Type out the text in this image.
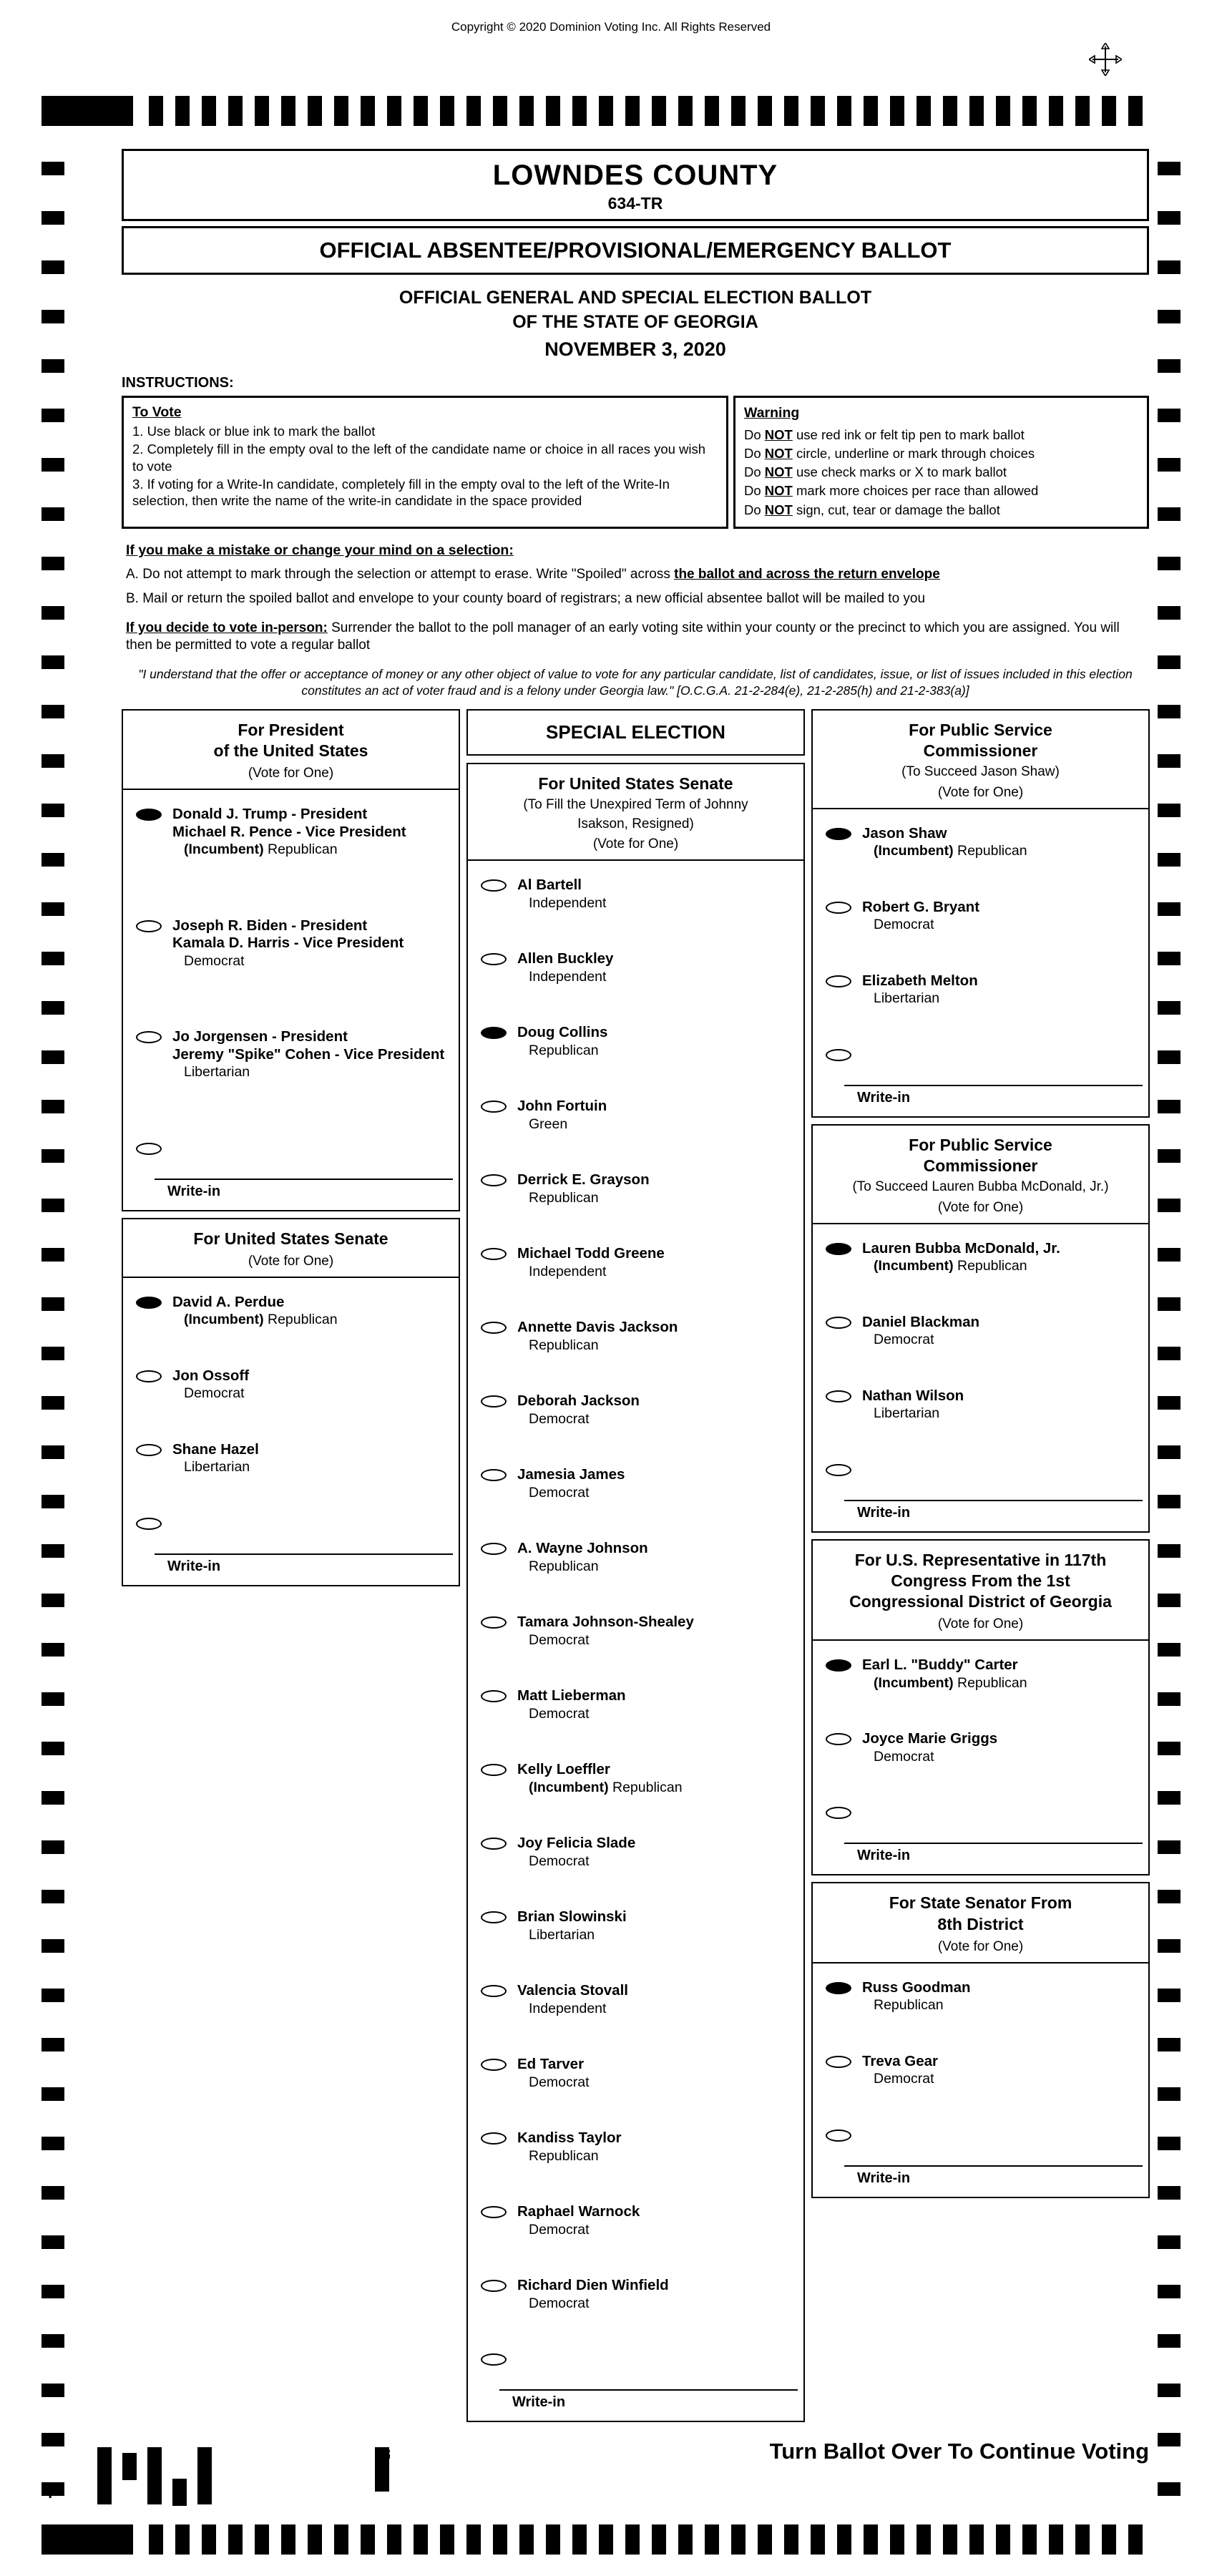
Copyright © 2020 Dominion Voting Inc. All Rights Reserved
LOWNDES COUNTY
634-TR
OFFICIAL ABSENTEE/PROVISIONAL/EMERGENCY BALLOT
OFFICIAL GENERAL AND SPECIAL ELECTION BALLOT
OF THE STATE OF GEORGIA
NOVEMBER 3, 2020
INSTRUCTIONS:
To Vote
1. Use black or blue ink to mark the ballot
2. Completely fill in the empty oval to the left of the candidate name or choice in all races you wish to vote
3. If voting for a Write-In candidate, completely fill in the empty oval to the left of the Write-In selection, then write the name of the write-in candidate in the space provided
Warning
Do NOT use red ink or felt tip pen to mark ballot
Do NOT circle, underline or mark through choices
Do NOT use check marks or X to mark ballot
Do NOT mark more choices per race than allowed
Do NOT sign, cut, tear or damage the ballot
If you make a mistake or change your mind on a selection:
A. Do not attempt to mark through the selection or attempt to erase. Write "Spoiled" across the ballot and across the return envelope
B. Mail or return the spoiled ballot and envelope to your county board of registrars; a new official absentee ballot will be mailed to you
If you decide to vote in-person: Surrender the ballot to the poll manager of an early voting site within your county or the precinct to which you are assigned. You will then be permitted to vote a regular ballot
"I understand that the offer or acceptance of money or any other object of value to vote for any particular candidate, list of candidates, issue, or list of issues included in this election constitutes an act of voter fraud and is a felony under Georgia law." [O.C.G.A. 21-2-284(e), 21-2-285(h) and 21-2-383(a)]
For President
of the United States
(Vote for One)
Donald J. Trump - President
Michael R. Pence - Vice President
(Incumbent) Republican
Joseph R. Biden - President
Kamala D. Harris - Vice President
Democrat
Jo Jorgensen - President
Jeremy "Spike" Cohen - Vice President
Libertarian
Write-in
For United States Senate
(Vote for One)
David A. Perdue
(Incumbent) Republican
Jon Ossoff
Democrat
Shane Hazel
Libertarian
Write-in
SPECIAL ELECTION
For United States Senate
(To Fill the Unexpired Term of Johnny
Isakson, Resigned)
(Vote for One)
Al Bartell
Independent
Allen Buckley
Independent
Doug Collins
Republican
John Fortuin
Green
Derrick E. Grayson
Republican
Michael Todd Greene
Independent
Annette Davis Jackson
Republican
Deborah Jackson
Democrat
Jamesia James
Democrat
A. Wayne Johnson
Republican
Tamara Johnson-Shealey
Democrat
Matt Lieberman
Democrat
Kelly Loeffler
(Incumbent) Republican
Joy Felicia Slade
Democrat
Brian Slowinski
Libertarian
Valencia Stovall
Independent
Ed Tarver
Democrat
Kandiss Taylor
Republican
Raphael Warnock
Democrat
Richard Dien Winfield
Democrat
Write-in
For Public Service
Commissioner
(To Succeed Jason Shaw)
(Vote for One)
Jason Shaw
(Incumbent) Republican
Robert G. Bryant
Democrat
Elizabeth Melton
Libertarian
Write-in
For Public Service
Commissioner
(To Succeed Lauren Bubba McDonald, Jr.)
(Vote for One)
Lauren Bubba McDonald, Jr.
(Incumbent) Republican
Daniel Blackman
Democrat
Nathan Wilson
Libertarian
Write-in
For U.S. Representative in 117th
Congress From the 1st
Congressional District of Georgia
(Vote for One)
Earl L. "Buddy" Carter
(Incumbent) Republican
Joyce Marie Griggs
Democrat
Write-in
For State Senator From
8th District
(Vote for One)
Russ Goodman
Republican
Treva Gear
Democrat
Write-in
Turn Ballot Over To Continue Voting
+
27
